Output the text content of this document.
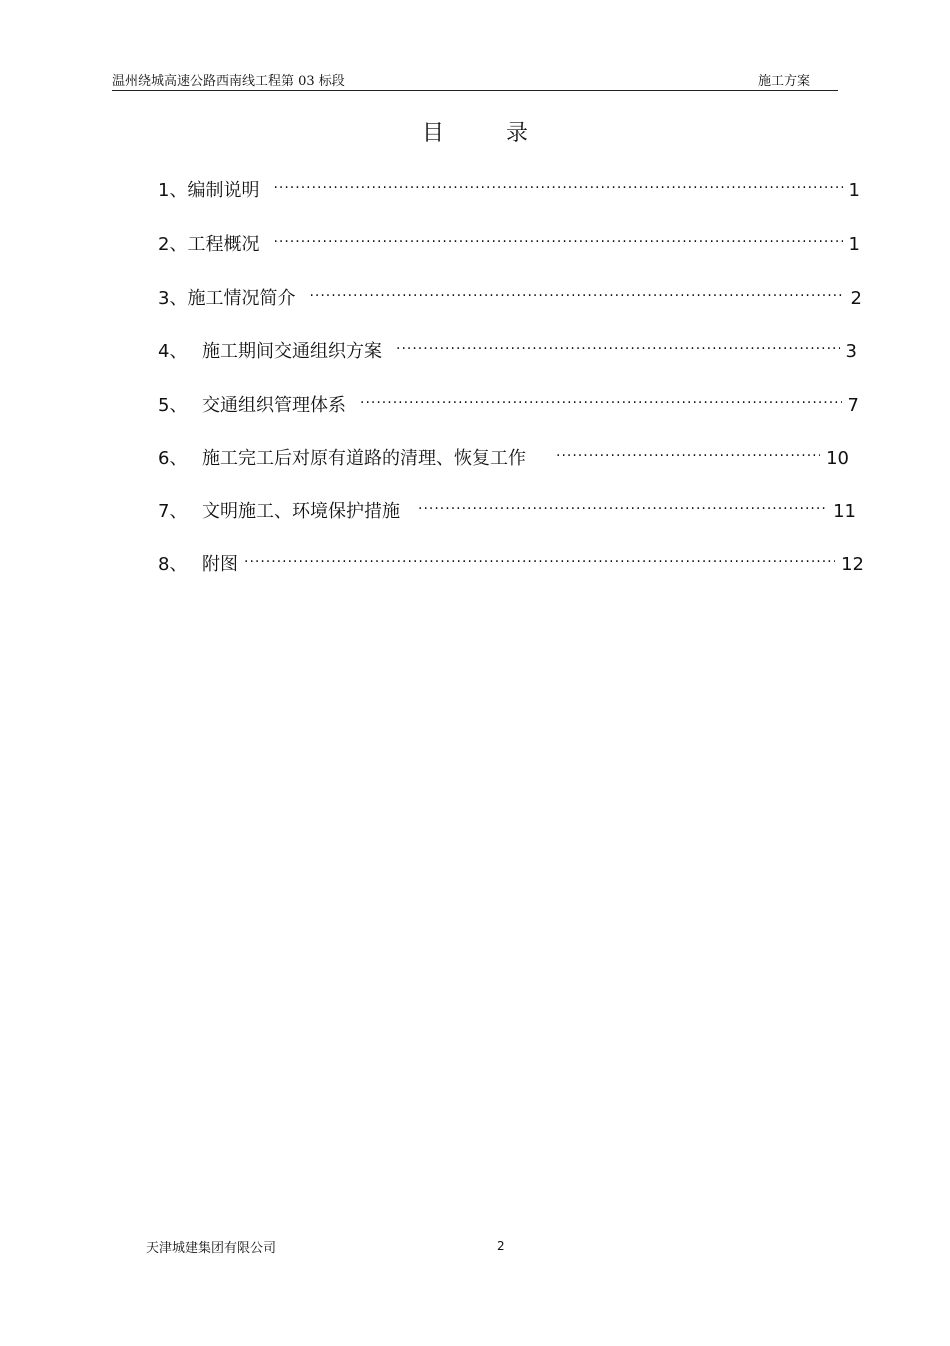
温州绕城高速公路西南线工程第 03 标段	施工方案
目录
1、 编制说明 .....	1
2、 工程概况 .....	1
3、 施工情况简介 .....	2
4、 施工期间交通组织方案 .....	3
5、 交通组织管理体系 .....	7
6、 施工完工后对原有道路的清理、恢复工作 .....	10
7、 文明施工、环境保护措施 .....	11
8、 附图 .....	12
天津城建集团有限公司	2
